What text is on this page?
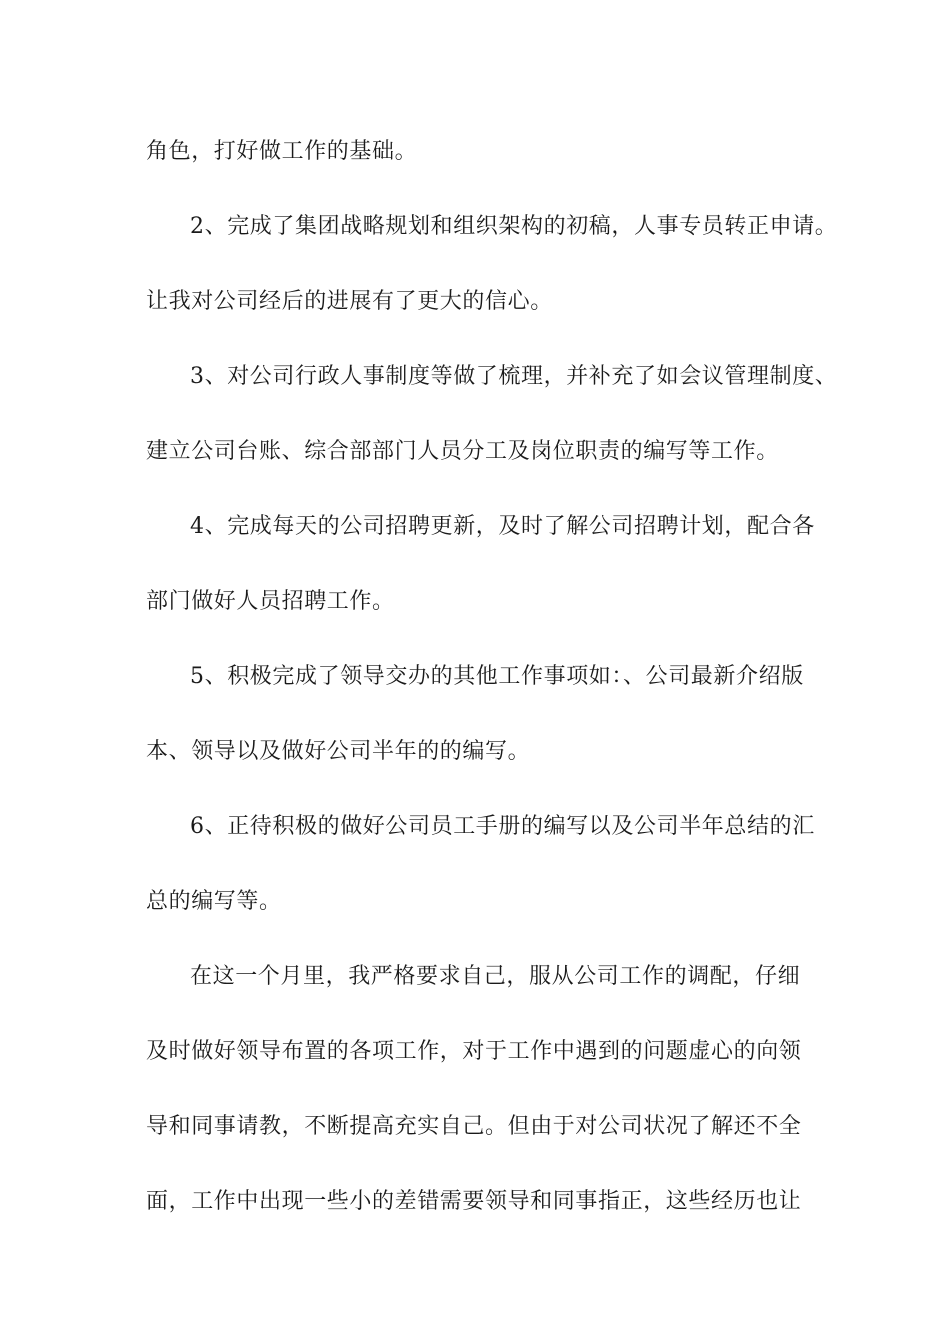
角色，打好做工作的基础。
2、完成了集团战略规划和组织架构的初稿，人事专员转正申请。
让我对公司经后的进展有了更大的信心。
3、对公司行政人事制度等做了梳理，并补充了如会议管理制度、
建立公司台账、综合部部门人员分工及岗位职责的编写等工作。
4、完成每天的公司招聘更新，及时了解公司招聘计划，配合各
部门做好人员招聘工作。
5、积极完成了领导交办的其他工作事项如：、公司最新介绍版
本、领导以及做好公司半年的的编写。
6、正待积极的做好公司员工手册的编写以及公司半年总结的汇
总的编写等。
在这一个月里，我严格要求自己，服从公司工作的调配，仔细
及时做好领导布置的各项工作，对于工作中遇到的问题虚心的向领
导和同事请教，不断提高充实自己。但由于对公司状况了解还不全
面，工作中出现一些小的差错需要领导和同事指正，这些经历也让
